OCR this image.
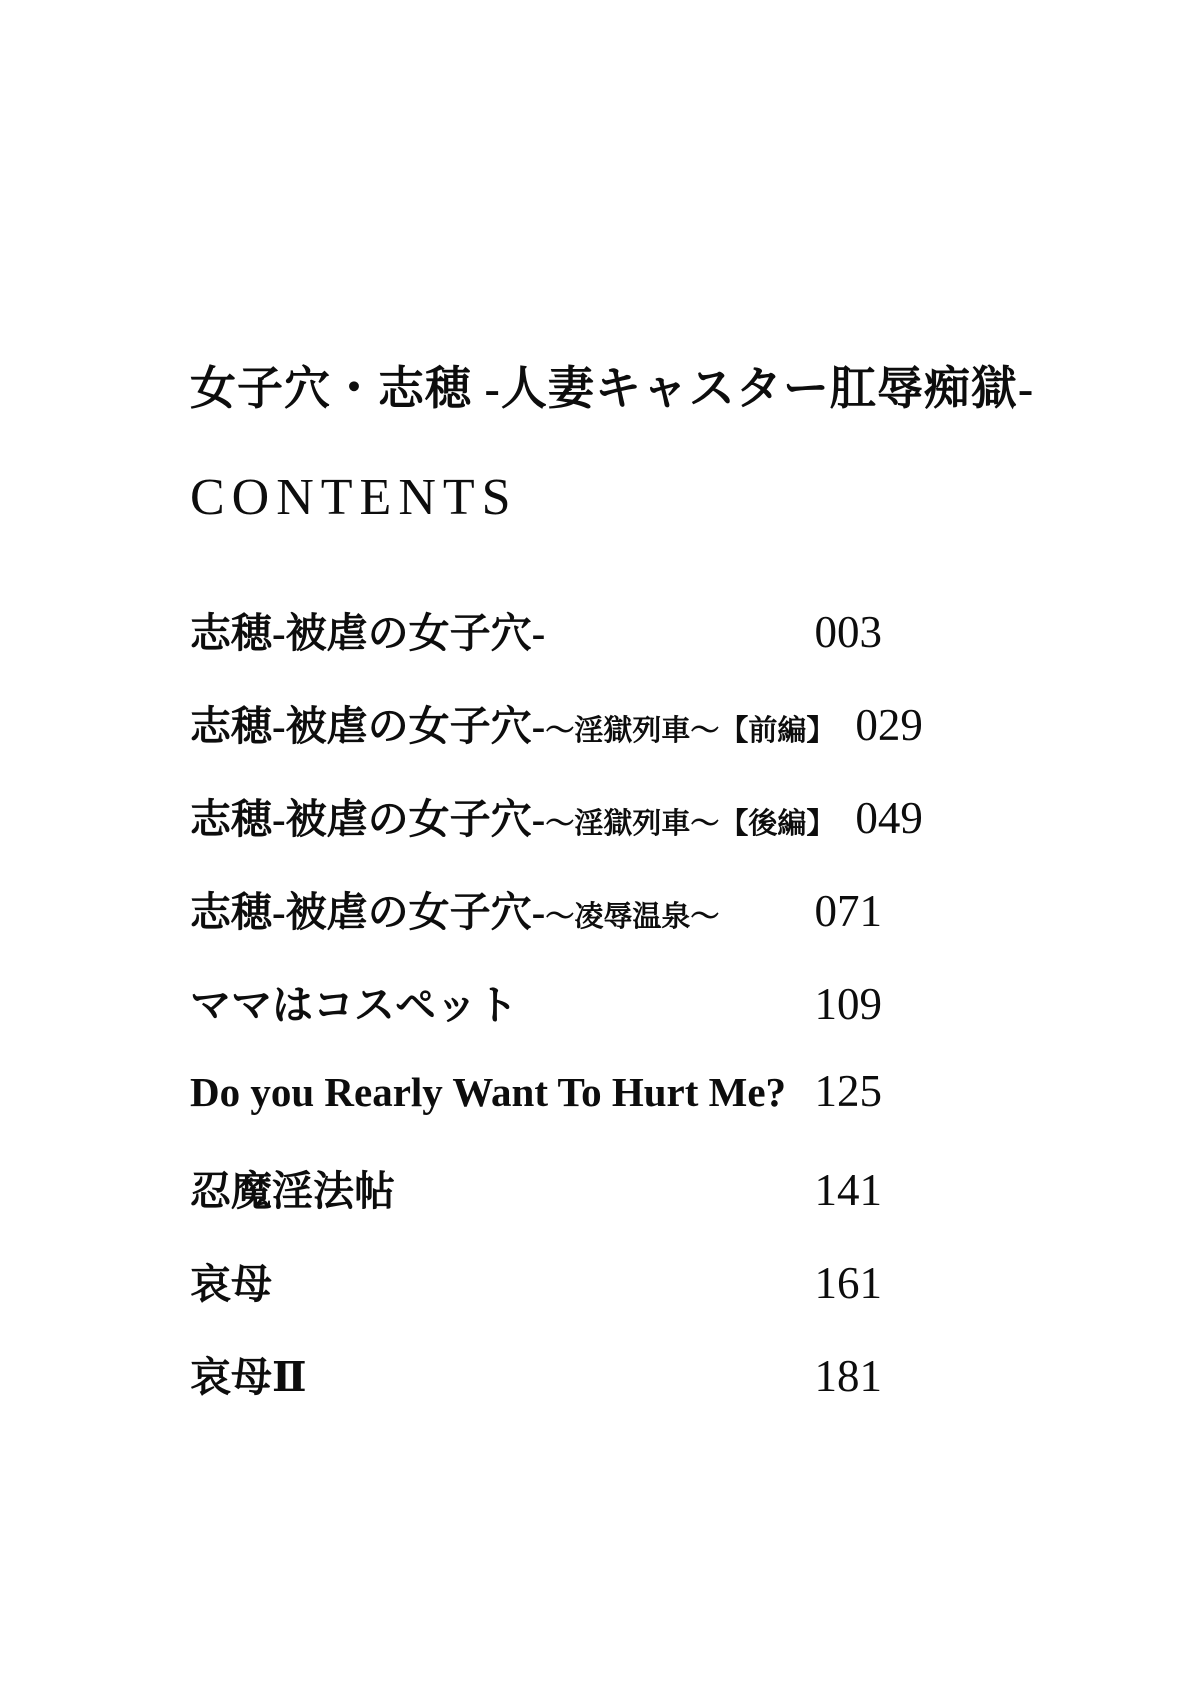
女子穴・志穂 -人妻キャスター肛辱痴獄-
CONTENTS
志穂-被虐の女子穴-	003
志穂-被虐の女子穴-～淫獄列車～【前編】 029
志穂-被虐の女子穴-～淫獄列車～【後編】 049
志穂-被虐の女子穴-～凌辱温泉～ 071
ママはコスペット	109
Do you Rearly Want To Hurt Me? 125
忍魔淫法帖	141
哀母	161
哀母Ⅱ	181
